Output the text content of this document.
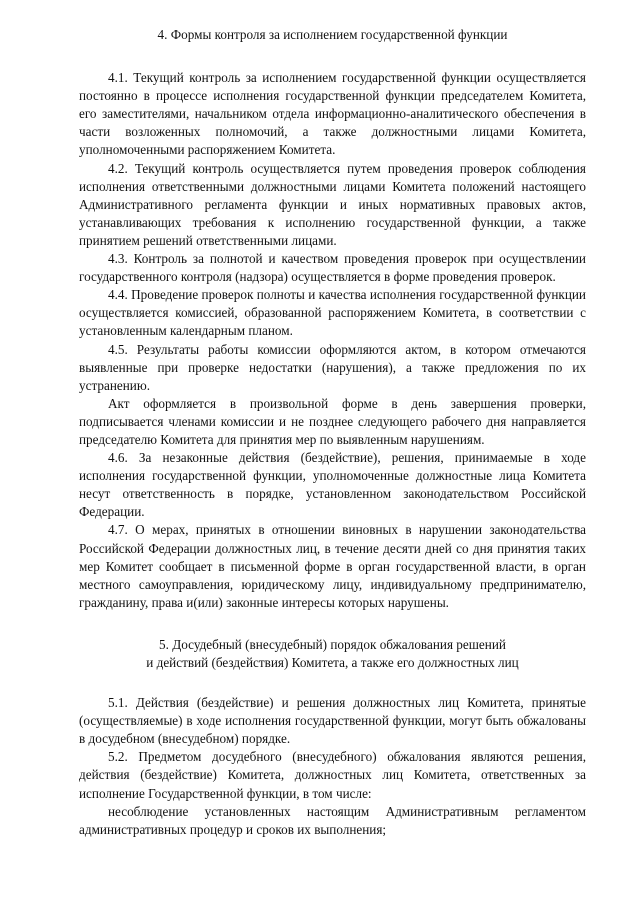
4. Формы контроля за исполнением государственной функции

4.1. Текущий контроль за исполнением государственной функции осуществляется постоянно в процессе исполнения государственной функции председателем Комитета, его заместителями, начальником отдела информационно-аналитического обеспечения в части возложенных полномочий, а также должностными лицами Комитета, уполномоченными распоряжением Комитета.

4.2. Текущий контроль осуществляется путем проведения проверок соблюдения исполнения ответственными должностными лицами Комитета положений настоящего Административного регламента функции и иных нормативных правовых актов, устанавливающих требования к исполнению государственной функции, а также принятием решений ответственными лицами.

4.3. Контроль за полнотой и качеством проведения проверок при осуществлении государственного контроля (надзора) осуществляется в форме проведения проверок.

4.4. Проведение проверок полноты и качества исполнения государственной функции осуществляется комиссией, образованной распоряжением Комитета, в соответствии с установленным календарным планом.

4.5. Результаты работы комиссии оформляются актом, в котором отмечаются выявленные при проверке недостатки (нарушения), а также предложения по их устранению.

Акт оформляется в произвольной форме в день завершения проверки, подписывается членами комиссии и не позднее следующего рабочего дня направляется председателю Комитета для принятия мер по выявленным нарушениям.

4.6. За незаконные действия (бездействие), решения, принимаемые в ходе исполнения государственной функции, уполномоченные должностные лица Комитета несут ответственность в порядке, установленном законодательством Российской Федерации.

4.7. О мерах, принятых в отношении виновных в нарушении законодательства Российской Федерации должностных лиц, в течение десяти дней со дня принятия таких мер Комитет сообщает в письменной форме в орган государственной власти, в орган местного самоуправления, юридическому лицу, индивидуальному предпринимателю, гражданину, права и(или) законные интересы которых нарушены.

5. Досудебный (внесудебный) порядок обжалования решений
и действий (бездействия) Комитета, а также его должностных лиц

5.1. Действия (бездействие) и решения должностных лиц Комитета, принятые (осуществляемые) в ходе исполнения государственной функции, могут быть обжалованы в досудебном (внесудебном) порядке.

5.2. Предметом досудебного (внесудебного) обжалования являются решения, действия (бездействие) Комитета, должностных лиц Комитета, ответственных за исполнение Государственной функции, в том числе:

несоблюдение установленных настоящим Административным регламентом административных процедур и сроков их выполнения;
